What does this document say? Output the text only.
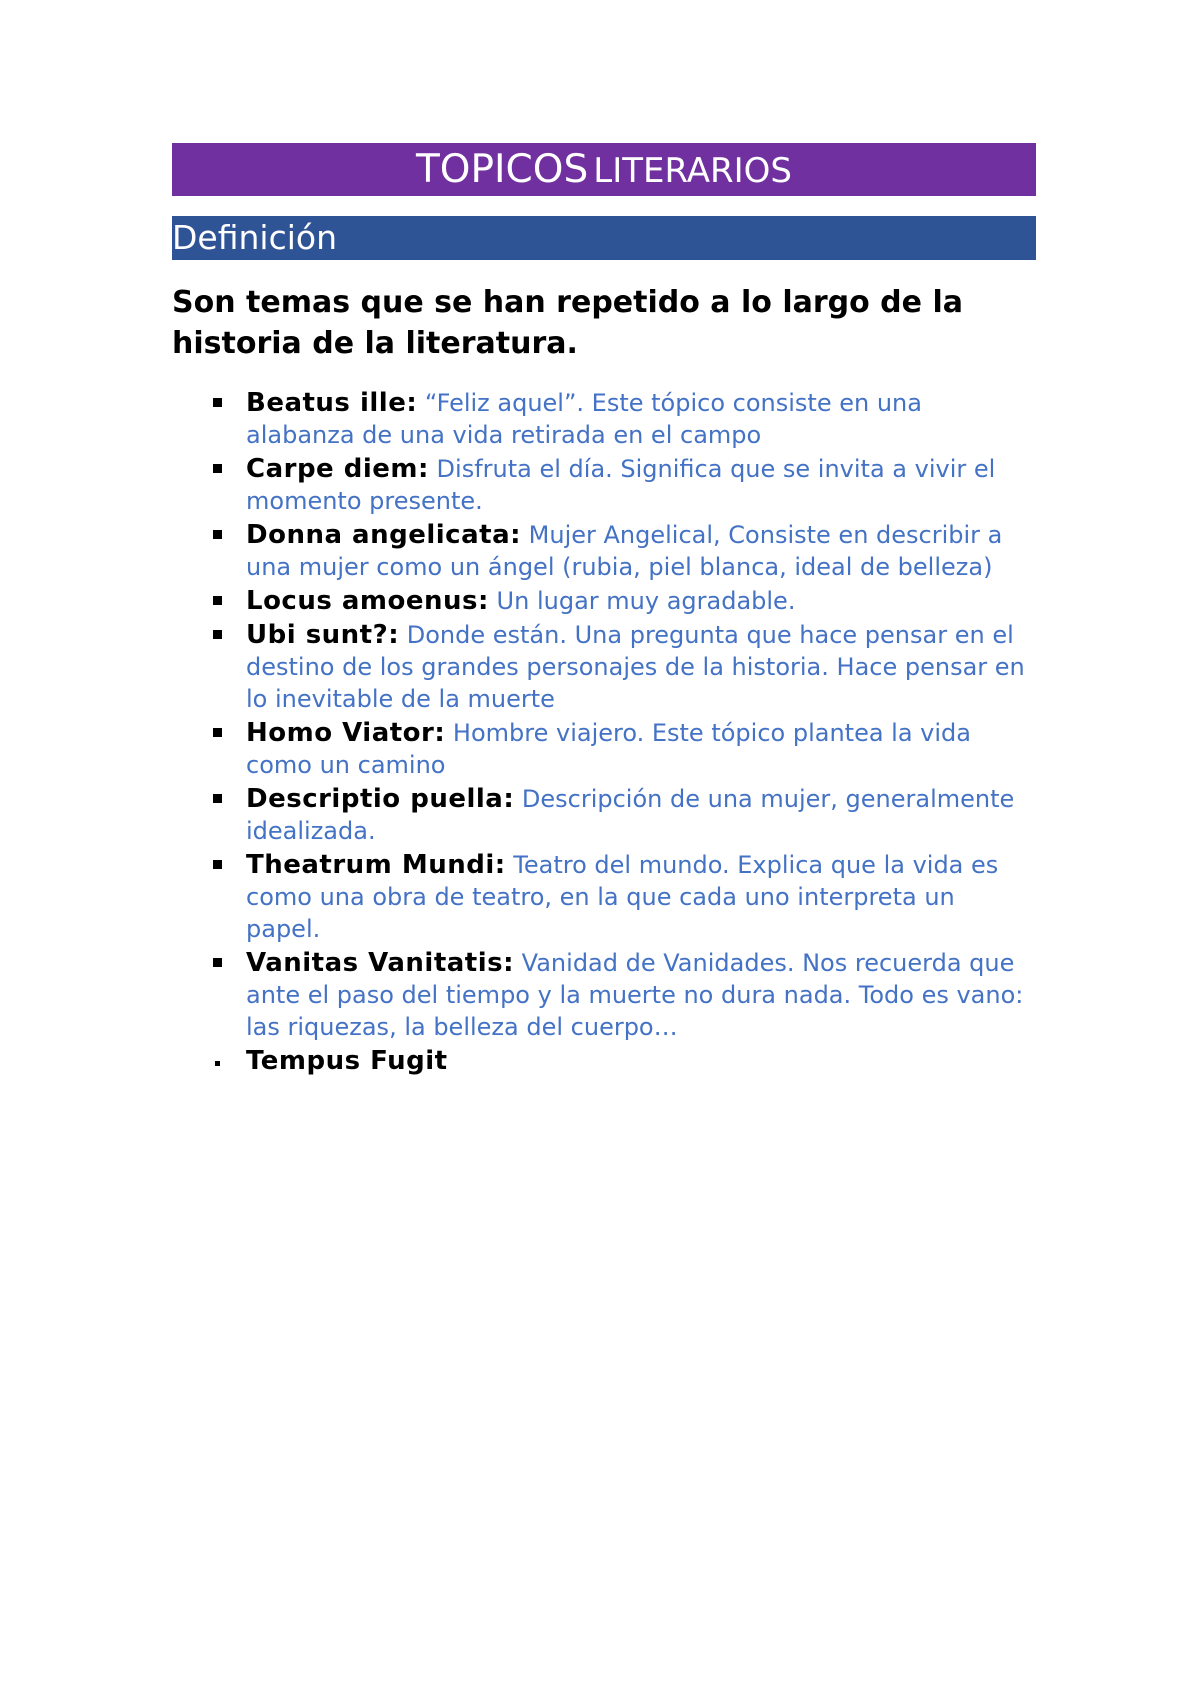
TOPICOS LITERARIOS
Definición
Son temas que se han repetido a lo largo de la historia de la literatura.
Beatus ille: “Feliz aquel”. Este tópico consiste en una alabanza de una vida retirada en el campo
Carpe diem: Disfruta el día. Significa que se invita a vivir el momento presente.
Donna angelicata: Mujer Angelical, Consiste en describir a una mujer como un ángel (rubia, piel blanca, ideal de belleza)
Locus amoenus: Un lugar muy agradable.
Ubi sunt?: Donde están. Una pregunta que hace pensar en el destino de los grandes personajes de la historia. Hace pensar en lo inevitable de la muerte
Homo Viator: Hombre viajero. Este tópico plantea la vida como un camino
Descriptio puella: Descripción de una mujer, generalmente idealizada.
Theatrum Mundi: Teatro del mundo. Explica que la vida es como una obra de teatro, en la que cada uno interpreta un papel.
Vanitas Vanitatis: Vanidad de Vanidades. Nos recuerda que ante el paso del tiempo y la muerte no dura nada. Todo es vano: las riquezas, la belleza del cuerpo…
Tempus Fugit
